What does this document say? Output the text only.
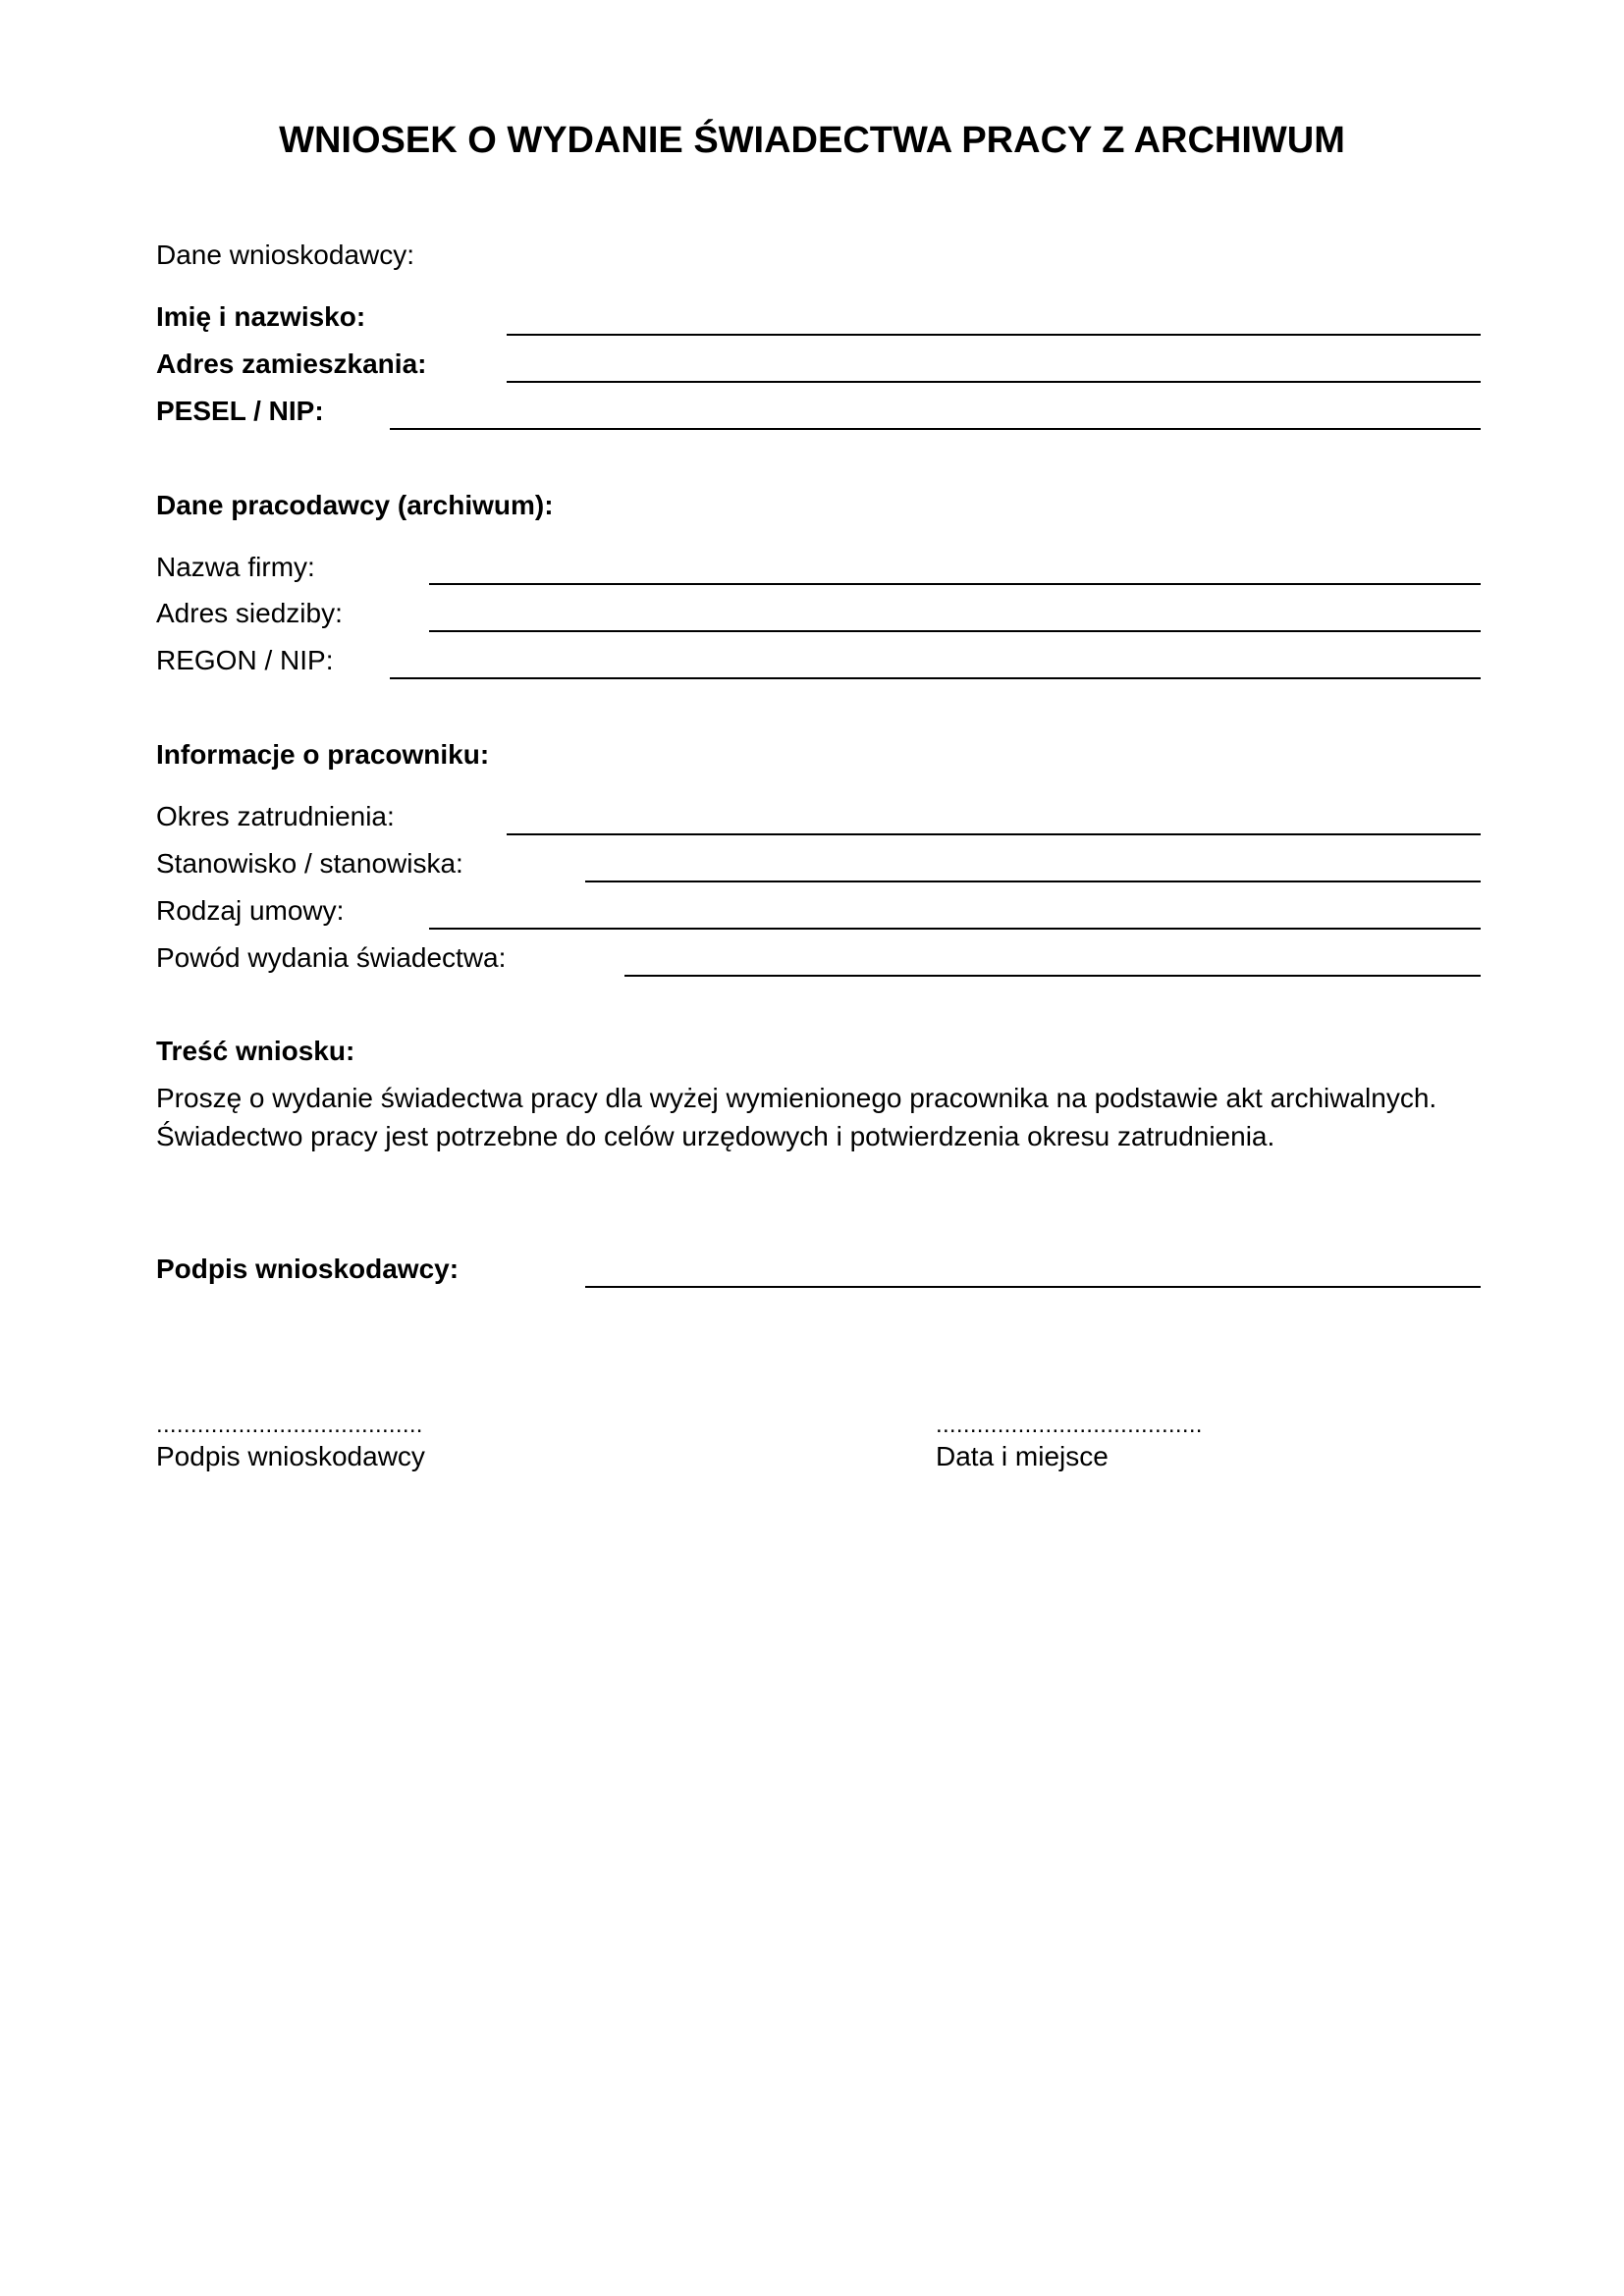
WNIOSEK O WYDANIE ŚWIADECTWA PRACY Z ARCHIWUM
Dane wnioskodawcy:
Imię i nazwisko:
Adres zamieszkania:
PESEL / NIP:
Dane pracodawcy (archiwum):
Nazwa firmy:
Adres siedziby:
REGON / NIP:
Informacje o pracowniku:
Okres zatrudnienia:
Stanowisko / stanowiska:
Rodzaj umowy:
Powód wydania świadectwa:
Treść wniosku:
Proszę o wydanie świadectwa pracy dla wyżej wymienionego pracownika na podstawie akt archiwalnych.
Świadectwo pracy jest potrzebne do celów urzędowych i potwierdzenia okresu zatrudnienia.
Podpis wnioskodawcy:
.......................................
Podpis wnioskodawcy
.......................................
Data i miejsce
